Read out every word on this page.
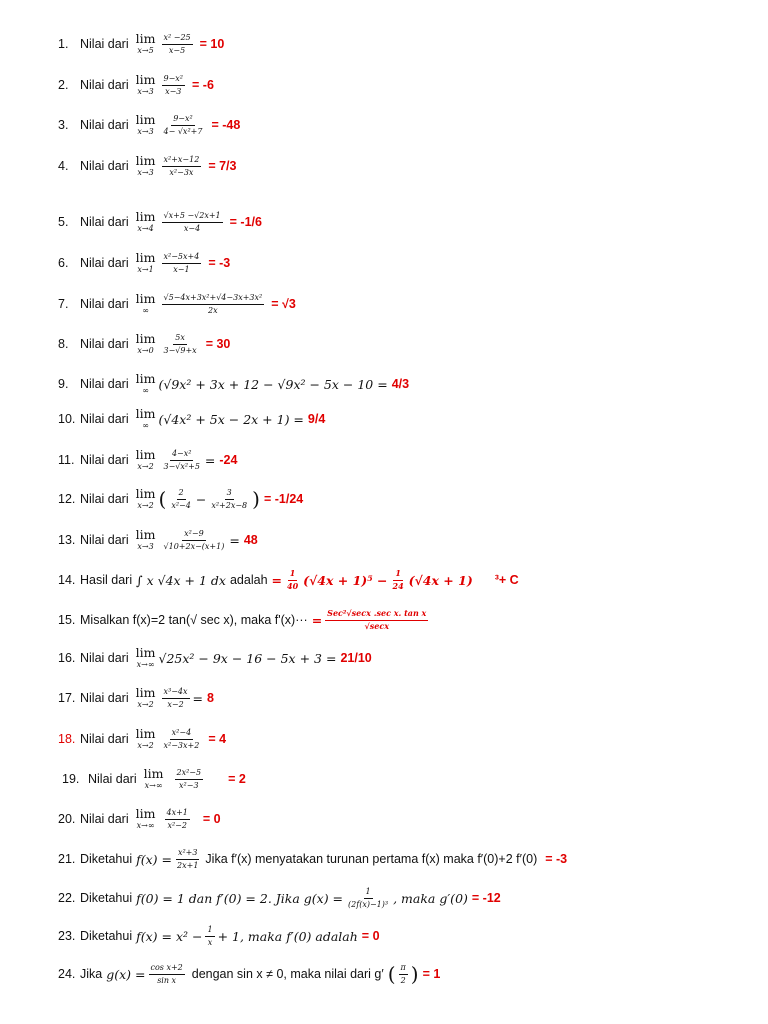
1. Nilai dari lim
$x\to 5 \frac{\text{x² −25}}{x-5} = 10$
2. Nilai dari lim
$x\to 3 \frac{\text{9−x²}}{x-3} = -6$
3. Nilai dari lim
$x\to 3 \frac{\text{9−x²}}{\text{4− √x²+7}} = -48$
4. Nilai dari lim
$x\to 3 \frac{\text{x²+x−12}}{\text{x²−3x}} = 7/3$
5. Nilai dari lim
$x\to 4 \frac{√x+5 -√2x+1}{x-4} = -1/6$
6. Nilai dari lim
$x\to 1 \frac{\text{x²−5x+4}}{x-1} = -3$
7. Nilai dari lim
∞ $\frac{\text{√5−4x+3x²+√4−3x+3x²}}{2x} = √3$
8. Nilai dari lim
$x\to 0 \frac{5x}{3-√9+x} = 30$
9. Nilai dari lim
∞ (√9x² + 3x + 12 − √9x² − 5x − 10 = 4/3
10. Nilai dari lim
∞ (√4x² + 5x − 2x + 1) = 9/4
11. Nilai dari lim
$x\to 2 \frac{\text{4−x²}}{\text{3−√x²+5}} = -24$
12. Nilai dari lim
x→2 ( $\frac{2}{\text{x²−4}} - \frac{3}{\text{x²+2x−8}}$ ) = -1/24
13. Nilai dari lim
$x\to 3 \frac{\text{x²−9}}{√10+2x-(x+1)} = 48$
14. Hasil dari ∫ x √4x + 1 dx adalah = $\frac{1}{40} (√4x + 1)^5 - \frac{1}{24} (√4x + 1)$ ³+ C
15. Misalkan f(x)=2 tan(√ sec x), maka $f'(x)\cdot\cdot\cdot = \frac{\text{Sec²√secx .sec x. tan x}}{√\sec x}$
16. Nilai dari lim
x→∞ √25x² − 9x − 16 − 5x + 3 = 21/10
17. Nilai dari lim
$x\to 2 \frac{\text{x³−4x}}{x-2} = 8$
18. Nilai dari lim
$x\to 2 \frac{\text{x²−4}}{\text{x²−3x+2}} = 4$
19. Nilai dari lim
$x\to\infty \frac{\text{2x²−5}}{\text{x²−3}} = 2$
20. Nilai dari lim
$x\to\infty \frac{4x+1}{\text{x²−2}} = 0$
21. Diketahui $f(x) = \frac{\text{x²+3}}{2x+1}$ Jika f′(x) menyatakan turunan pertama f(x) maka f′(0)+2 f′(0) = -3
22. Diketahui f(0) = 1 dan f′(0) = 2. Jika $g(x) = \frac{1}{\text{(2f(x)−1)³}}$ , maka g′(0) = -12
23. Diketahui $f(x) = x^2 - \frac{1}{x} + 1$, maka f′(0) adalah = 0
24. Jika $g(x) = \frac{\text{cos x+2}}{\text{sin x}}$ dengan sin x ≠ 0, maka nilai dari g′ ( $\frac{\pi}{2}$ ) = 1
